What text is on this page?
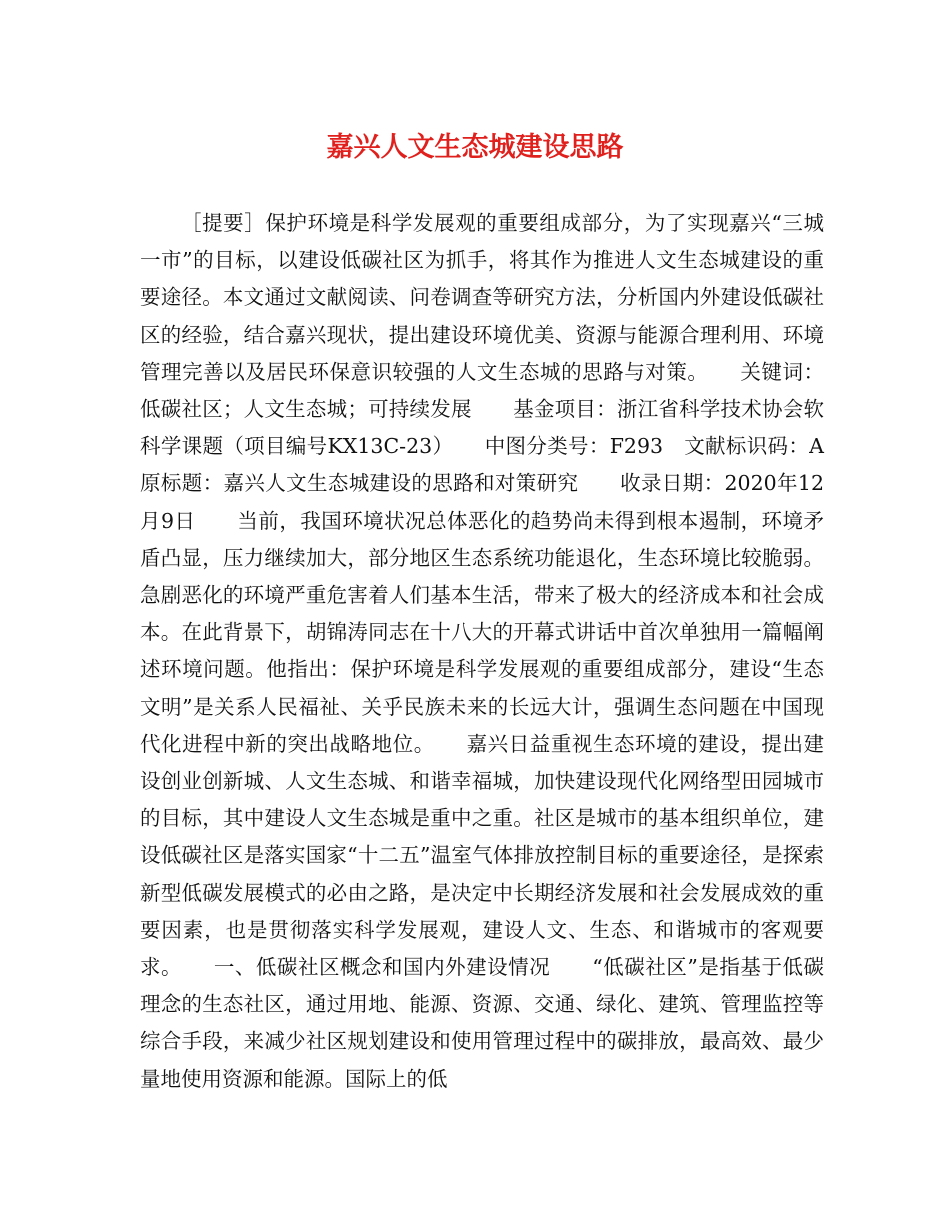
嘉兴人文生态城建设思路

［提要］保护环境是科学发展观的重要组成部分，为了实现嘉兴“三城一市”的目标，以建设低碳社区为抓手，将其作为推进人文生态城建设的重要途径。本文通过文献阅读、问卷调查等研究方法，分析国内外建设低碳社区的经验，结合嘉兴现状，提出建设环境优美、资源与能源合理利用、环境管理完善以及居民环保意识较强的人文生态城的思路与对策。　　关键词：低碳社区；人文生态城；可持续发展　　基金项目：浙江省科学技术协会软科学课题（项目编号KX13C-23）　　中图分类号：F293　文献标识码：A　　原标题：嘉兴人文生态城建设的思路和对策研究　　收录日期：2020年12月9日　　当前，我国环境状况总体恶化的趋势尚未得到根本遏制，环境矛盾凸显，压力继续加大，部分地区生态系统功能退化，生态环境比较脆弱。急剧恶化的环境严重危害着人们基本生活，带来了极大的经济成本和社会成本。在此背景下，胡锦涛同志在十八大的开幕式讲话中首次单独用一篇幅阐述环境问题。他指出：保护环境是科学发展观的重要组成部分，建设“生态文明”是关系人民福祉、关乎民族未来的长远大计，强调生态问题在中国现代化进程中新的突出战略地位。　　嘉兴日益重视生态环境的建设，提出建设创业创新城、人文生态城、和谐幸福城，加快建设现代化网络型田园城市的目标，其中建设人文生态城是重中之重。社区是城市的基本组织单位，建设低碳社区是落实国家“十二五”温室气体排放控制目标的重要途径，是探索新型低碳发展模式的必由之路，是决定中长期经济发展和社会发展成效的重要因素，也是贯彻落实科学发展观，建设人文、生态、和谐城市的客观要求。　　一、低碳社区概念和国内外建设情况　　“低碳社区”是指基于低碳理念的生态社区，通过用地、能源、资源、交通、绿化、建筑、管理监控等综合手段，来减少社区规划建设和使用管理过程中的碳排放，最高效、最少量地使用资源和能源。国际上的低
